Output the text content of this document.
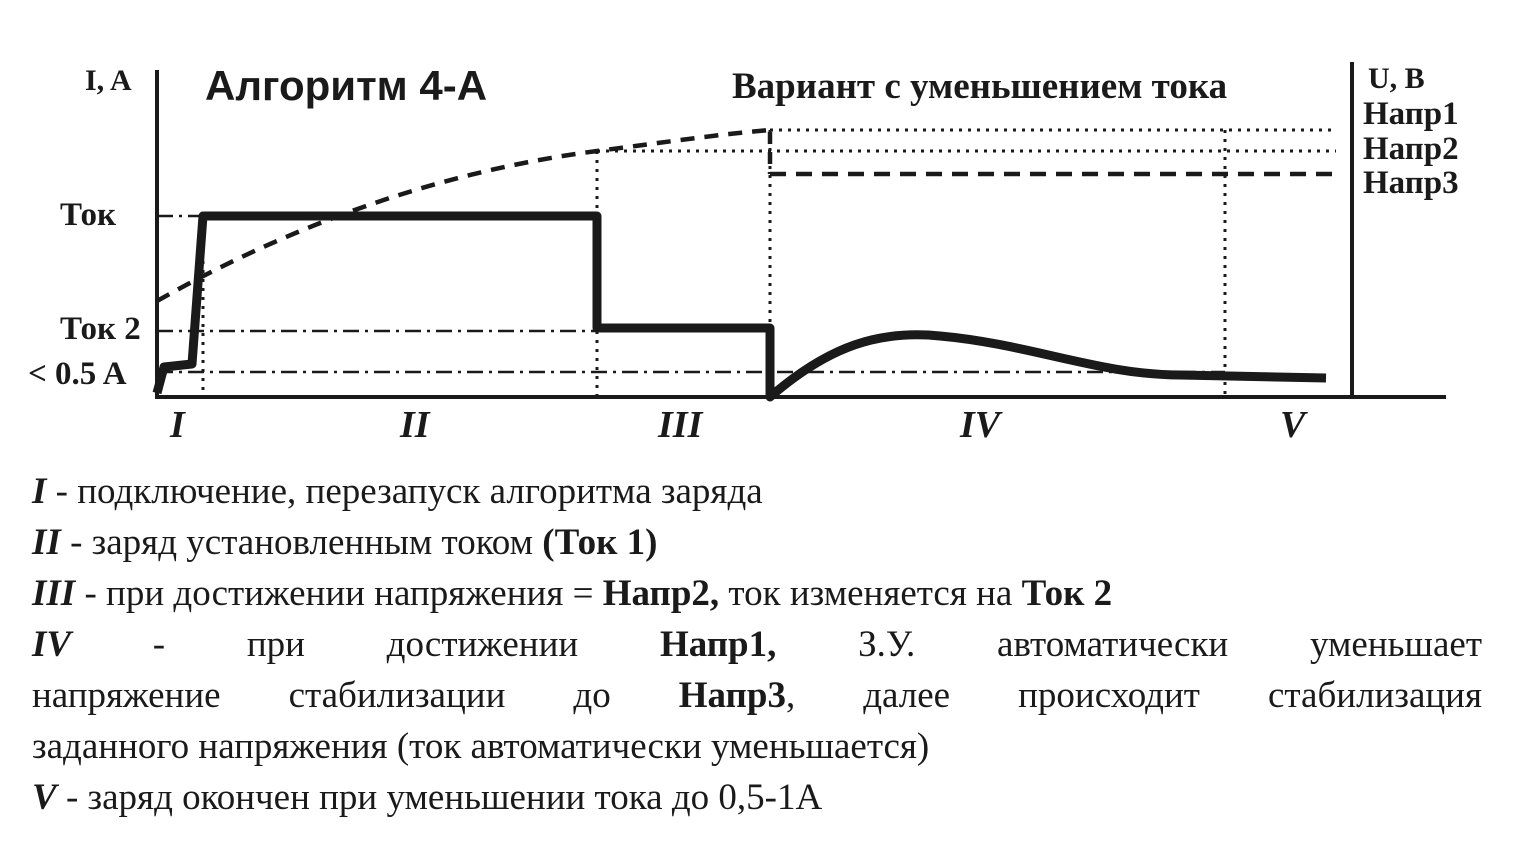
I, A	U, B
Алгоритм 4-А	Вариант с уменьшением тока
Ток
Ток 2
< 0.5 A
Напр1
Напр2
Напр3
I	II	III	IV	V
I - подключение, перезапуск алгоритма заряда
II - заряд установленным током (Ток 1)
III - при достижении напряжения = Напр2, ток изменяется на Ток 2
IV - при достижении Напр1, З.У. автоматически уменьшает
напряжение стабилизации до Напр3, далее происходит стабилизация
заданного напряжения (ток автоматически уменьшается)
V - заряд окончен при уменьшении тока до 0,5-1А
